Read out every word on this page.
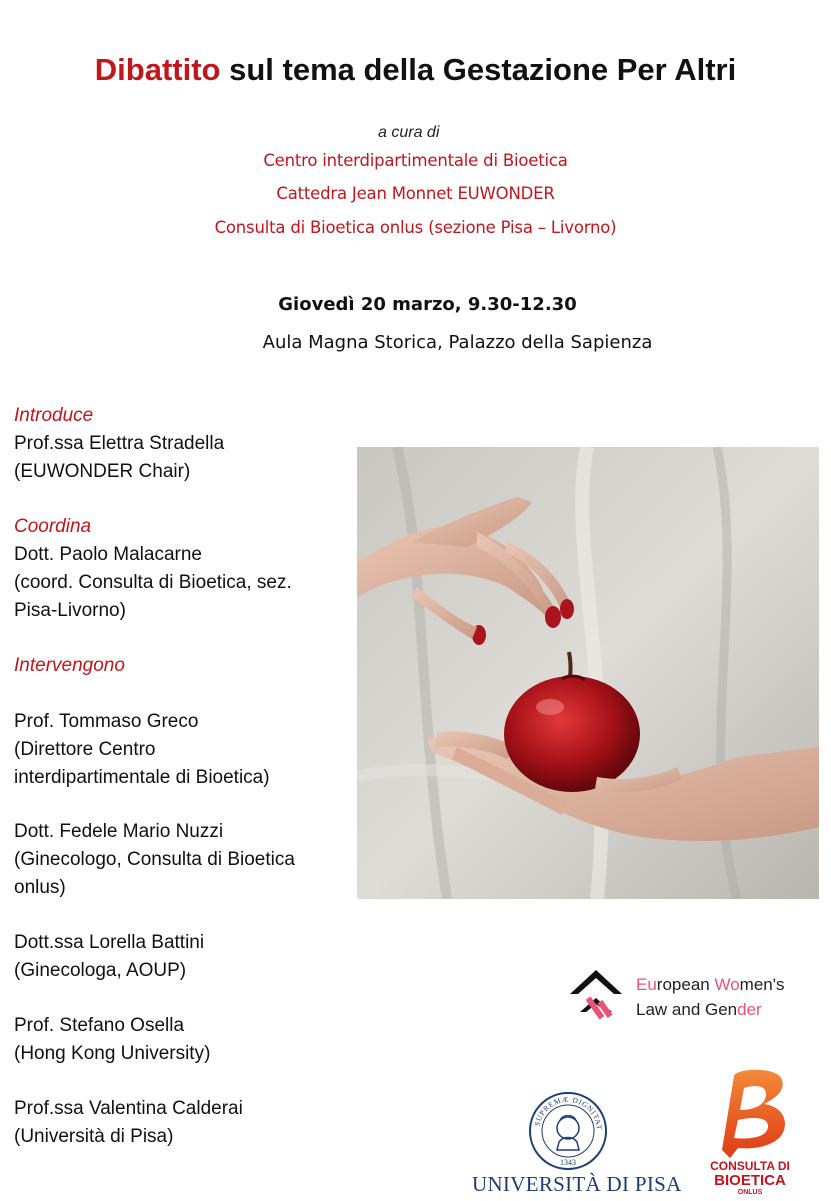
Dibattito sul tema della Gestazione Per Altri
a cura di
Centro interdipartimentale di Bioetica
Cattedra Jean Monnet EUWONDER
Consulta di Bioetica onlus (sezione Pisa – Livorno)
Giovedì 20 marzo, 9.30-12.30
Aula Magna Storica, Palazzo della Sapienza
Introduce
Prof.ssa Elettra Stradella
(EUWONDER Chair)
Coordina
Dott. Paolo Malacarne
(coord. Consulta di Bioetica, sez.
Pisa-Livorno)
Intervengono
Prof. Tommaso Greco
(Direttore Centro
interdipartimentale di Bioetica)
Dott. Fedele Mario Nuzzi
(Ginecologo, Consulta di Bioetica
onlus)
Dott.ssa Lorella Battini
(Ginecologa, AOUP)
Prof. Stefano Osella
(Hong Kong University)
Prof.ssa Valentina Calderai
(Università di Pisa)
European Women's
Law and Gender
SUPREMÆ DIGNITAT
1343
UNIVERSITÀ DI PISA
CONSULTA DI
BIOETICA
ONLUS
